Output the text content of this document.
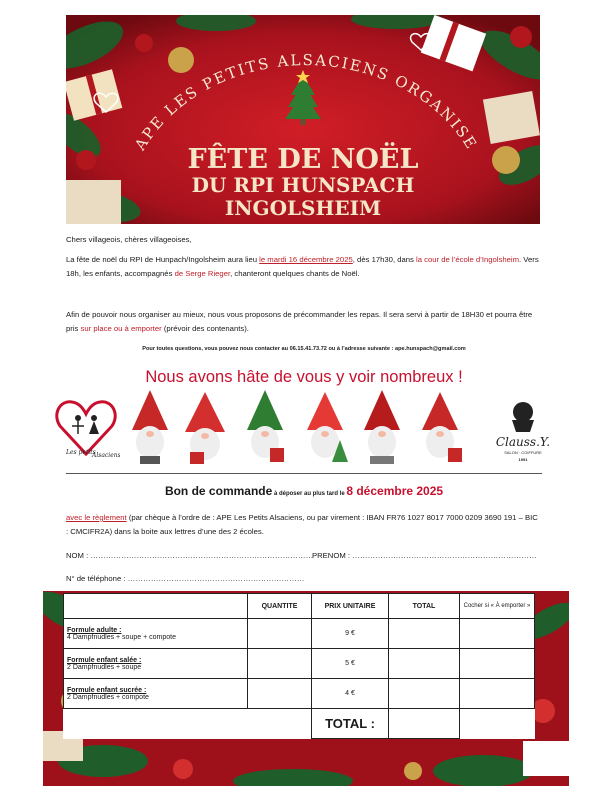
APE LES PETITS ALSACIENS ORGANISE
FÊTE DE NOËL
DU RPI HUNSPACH
INGOLSHEIM
Chers villageois, chères villageoises,
La fête de noël du RPI de Hunpach/Ingolsheim aura lieu le mardi 16 décembre 2025, dès 17h30, dans la cour de l’école d’Ingolsheim. Vers 18h, les enfants, accompagnés de Serge Rieger, chanteront quelques chants de Noël.
Afin de pouvoir nous organiser au mieux, nous vous proposons de précommander les repas. Il sera servi à partir de 18H30 et pourra être pris sur place ou à emporter (prévoir des contenants).
Pour toutes questions, vous pouvez nous contacter au 06.15.41.73.72 ou à l’adresse suivante : ape.hunspach@gmail.com
Nous avons hâte de vous y voir nombreux !
Les petits
Alsaciens
Clauss.Y.
SALON · COIFFURE
1991
Bon de commande à déposer au plus tard le 8 décembre 2025
avec le règlement (par chèque à l’ordre de : APE Les Petits Alsaciens, ou par virement : IBAN FR76 1027 8017 7000 0209 3690 191 – BIC : CMCIFR2A) dans la boite aux lettres d’une des 2 écoles.
NOM : ……………………………………………………………………………
PRENOM : ………………………………………………………………
N° de téléphone : ……………………………………………………………
	QUANTITE	PRIX UNITAIRE	TOTAL	Cocher si « À emporter »

Formule adulte :
4 Dampfnudles + soupe + compote		9 €		

Formule enfant salée :
2 Dampfnudles + soupe		5 €		

Formule enfant sucrée :
2 Dampfnudles + compote		4 €		
		TOTAL :		
